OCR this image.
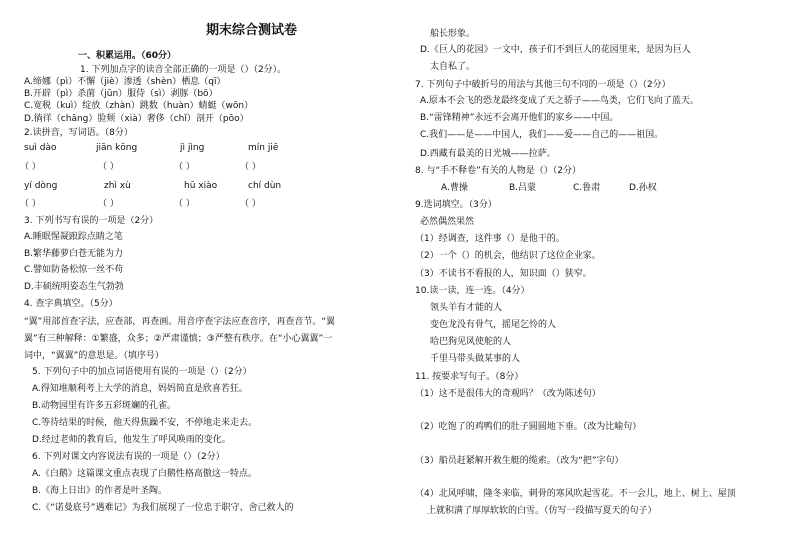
期末综合测试卷
一、积累运用。（60分）
1. 下列加点字的读音全部正确的一项是（）（2分）。
A.缔娜（pì）不懈（jiè）渗透（shèn）栖息（qī）
B.开辟（pì）杀菌（jūn）服侍（sì）剥豚（bō）
C.宽税（kuì）绽放（zhàn）跳数（huàn）蜻蜓（wōn）
D.徜徉（chāng）脸颊（xià）奢侈（chǐ）剖开（pōo）
2.读拼音，写词语。（8分）
suì dào	jiān kōng	jì jìng	mín jiē
（ ）	（ ）	（ ）	（ ）
yí dòng	zhì xù	hū xiào	chí dùn
（ ）	（ ）	（ ）	（ ）
3. 下列书写有误的一项是（2分）
A.睡眠惺凝踉踪点睛之笔
B.繁华藤萝白苍无能为力
C.譬如防备松惊一丝不苟
D.丰硕统明姿态生气勃勃
4. 查字典填空。（5分）
“翼”用部首查字法，应查部，再查画。用音序查字法应查音序，再查音节。“翼
翼”有三种解释：①繁盛，众多；②严肃谨慎；③严整有秩序。在“小心翼翼”一
词中，“翼翼”的意思是。（填序号）
5. 下列句子中的加点词语使用有误的一项是（）（2分）
A.得知堆顺利考上大学的消息，妈妈简直是欣喜若狂。
B.动物园里有许多五彩斑斓的孔雀。
C.等待结果的时候，他天得焦躁不安，不停地走来走去。
D.经过老师的教育后，他发生了呼风唤雨的变化。
6. 下列对课文内容说法有误的一项是（）（2分）
A.《白鹅》这篇课文重点表现了白鹅性格高傲这一特点。
B.《海上日出》的作者是叶圣陶。
C.《“诺曼底号”遇难记》为我们展现了一位忠于职守、舍己救人的
船长形象。
D.《巨人的花园》一文中，孩子们不到巨人的花园里来，是因为巨人
太自私了。
7. 下列句子中破折号的用法与其他三句不同的一项是（）（2分）
A.原本不会飞的恐龙最终变成了天之骄子——鸟类，它们飞向了蓝天。
B.“雷锋精神”永远不会离开他们的家乡——中国。
C.我们——是——中国人，我们——爱——自己的——祖国。
D.西藏有最美的日光城——拉萨。
8. 与“手不释卷”有关的人物是（）（2分）
A.曹操	B.吕蒙	C.鲁肃	D.孙权
9.选词填空。（3分）
必然偶然果然
（1）经调查，这件事（）是他干的。
（2）一个（）的机会，他结识了这位企业家。
（3）不读书不看报的人，知识面（）狭窄。
10.读一读，连一连。（4分）
领头羊有才能的人
变色龙没有骨气，摇尾乞怜的人
哈巴狗见风使舵的人
千里马带头做某事的人
11. 按要求写句子。（8分）
（1）这不是很伟大的奇观吗？（改为陈述句）
（2）吃饱了的鸡鸭们的肚子圆圆地下垂。（改为比喻句）
（3）船员赶紧解开救生艇的缆索。（改为“把”字句）
（4）北风呼啸，隆冬来临，刺骨的寒风吹起雪花。不一会儿，地上、树上、屋顶
上就积满了厚厚软软的白雪。（仿写一段描写夏天的句子）
